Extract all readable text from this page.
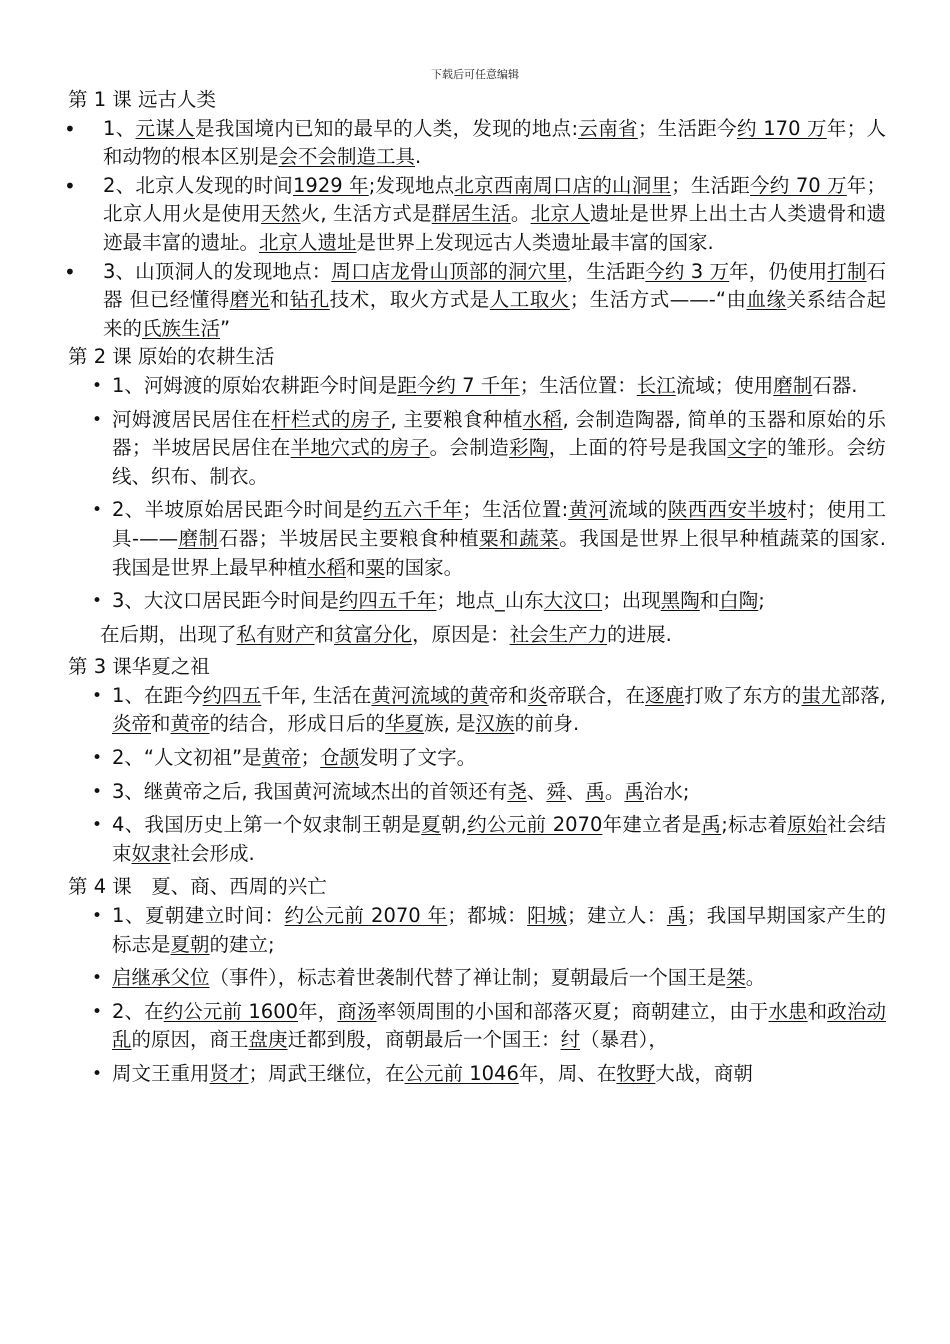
下载后可任意编辑

第 1 课 远古人类

• 1、元谋人是我国境内已知的最早的人类，发现的地点:云南省；生活距今约 170 万年；人和动物的根本区别是会不会制造工具.

• 2、北京人发现的时间1929 年;发现地点北京西南周口店的山洞里；生活距今约 70 万年；北京人用火是使用天然火, 生活方式是群居生活。北京人遗址是世界上出土古人类遗骨和遗迹最丰富的遗址。北京人遗址是世界上发现远古人类遗址最丰富的国家.

• 3、山顶洞人的发现地点：周口店龙骨山顶部的洞穴里，生活距今约 3 万年，仍使用打制石器 但已经懂得磨光和钻孔技术，取火方式是人工取火；生活方式——-“由血缘关系结合起来的氏族生活”

第 2 课 原始的农耕生活

• 1、河姆渡的原始农耕距今时间是距今约 7 千年；生活位置：长江流域；使用磨制石器.
• 河姆渡居民居住在杆栏式的房子, 主要粮食种植水稻, 会制造陶器, 简单的玉器和原始的乐器；半坡居民居住在半地穴式的房子。会制造彩陶，上面的符号是我国文字的雏形。会纺线、织布、制衣。
• 2、半坡原始居民距今时间是约五六千年；生活位置:黄河流域的陕西西安半坡村；使用工具-——磨制石器；半坡居民主要粮食种植粟和蔬菜。我国是世界上很早种植蔬菜的国家. 我国是世界上最早种植水稻和粟的国家。
• 3、大汶口居民距今时间是约四五千年；地点_山东大汶口；出现黑陶和白陶;

在后期，出现了私有财产和贫富分化，原因是：社会生产力的进展.

第 3 课华夏之祖

• 1、在距今约四五千年, 生活在黄河流域的黄帝和炎帝联合，在逐鹿打败了东方的蚩尤部落,炎帝和黄帝的结合，形成日后的华夏族, 是汉族的前身.
• 2、“人文初祖”是黄帝；仓颉发明了文字。
• 3、继黄帝之后, 我国黄河流域杰出的首领还有尧、舜、禹。禹治水;
• 4、我国历史上第一个奴隶制王朝是夏朝,约公元前 2070年建立者是禹;标志着原始社会结束奴隶社会形成.

第 4 课　夏、商、西周的兴亡

• 1、夏朝建立时间：约公元前 2070 年；都城：阳城；建立人：禹；我国早期国家产生的标志是夏朝的建立;
• 启继承父位（事件），标志着世袭制代替了禅让制；夏朝最后一个国王是桀。
• 2、在约公元前 1600年，商汤率领周围的小国和部落灭夏；商朝建立，由于水患和政治动乱的原因，商王盘庚迁都到殷，商朝最后一个国王：纣（暴君），
• 周文王重用贤才；周武王继位，在公元前 1046年，周、在牧野大战，商朝
